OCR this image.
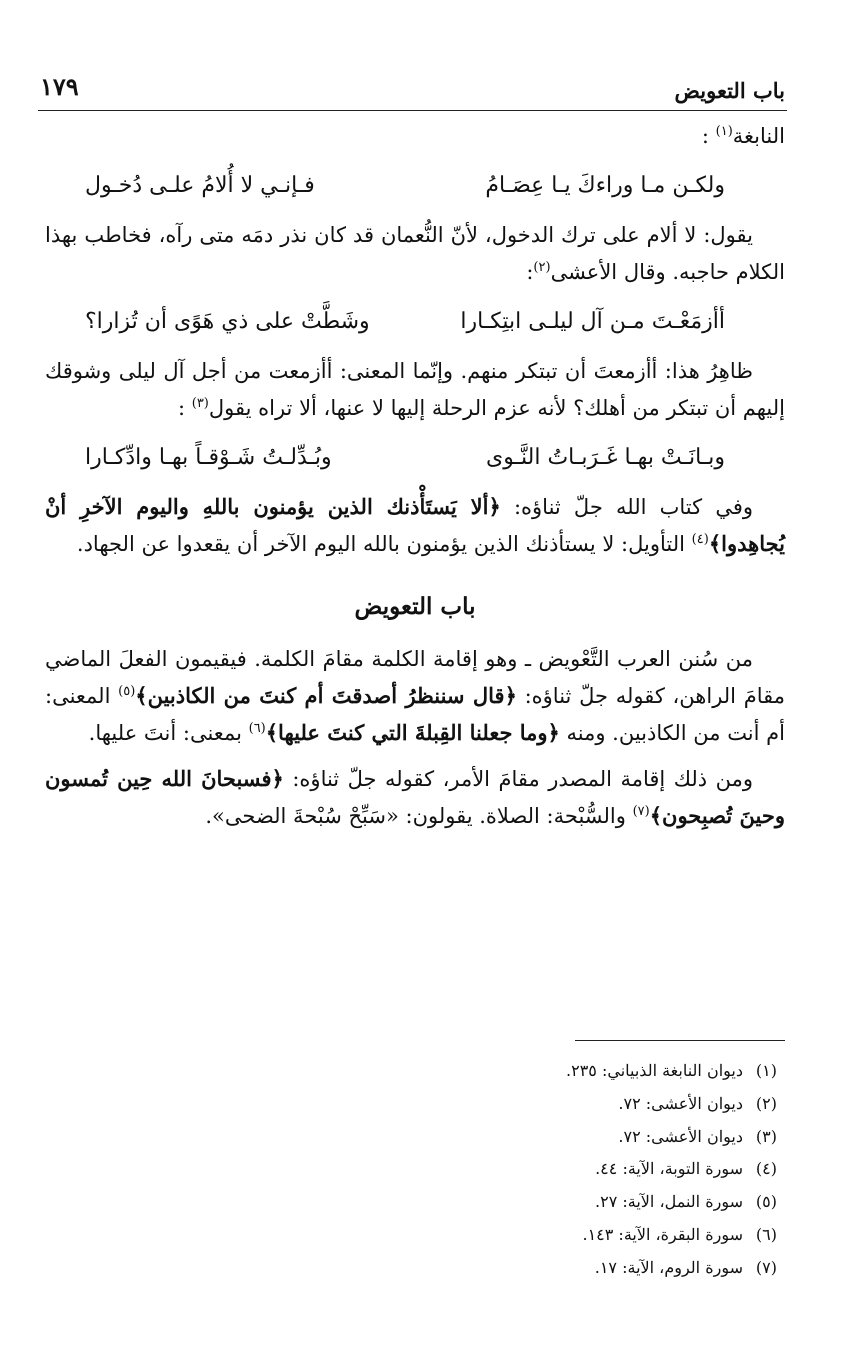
باب التعويض
١٧٩

النابغة$^{(١)}$ :

ولكـن مـا وراءكَ يـا عِصَـامُ
فـإنـي لا أُلامُ علـى دُخـول

يقول: لا ألام على ترك الدخول، لأنّ النُّعمان قد كان نذر دمَه متى رآه، فخاطب بهذا الكلام حاجبه. وقال الأعشى$^{(٢)}$:

أأزمَعْـتَ مـن آل ليلـى ابتِكـارا
وشَطَّتْ على ذي هَوًى أن تُزارا؟

ظاهِرُ هذا: أأزمعتَ أن تبتكر منهم. وإنّما المعنى: أأزمعت من أجل آل ليلى وشوقك إليهم أن تبتكر من أهلك؟ لأنه عزم الرحلة إليها لا عنها، ألا تراه يقول$^{(٣)}$ :

وبـانَـتْ بهـا غَـرَبـاتُ النَّـوى
وبُـدِّلـتُ شَـوْقـاً بهـا وادِّكـارا

وفي كتاب الله جلّ ثناؤه: ﴿ألا يَستَأْذنك الذين يؤمنون باللهِ واليوم الآخرِ أنْ يُجاهِدوا﴾$^{(٤)}$ التأويل: لا يستأذنك الذين يؤمنون بالله اليوم الآخر أن يقعدوا عن الجهاد.

باب التعويض

من سُنن العرب التَّعْويض ـ وهو إقامة الكلمة مقامَ الكلمة. فيقيمون الفعلَ الماضي مقامَ الراهن، كقوله جلّ ثناؤه: ﴿قال سننظرُ أصدقتَ أم كنتَ من الكاذبين﴾$^{(٥)}$ المعنى: أم أنت من الكاذبين. ومنه ﴿وما جعلنا القِبلةَ التي كنتَ عليها﴾$^{(٦)}$ بمعنى: أنتَ عليها.

ومن ذلك إقامة المصدر مقامَ الأمر، كقوله جلّ ثناؤه: ﴿فسبحانَ الله حِين تُمسون وحينَ تُصبِحون﴾$^{(٧)}$ والسُّبْحة: الصلاة. يقولون: «سَبِّحْ سُبْحةَ الضحى».

(١)ديوان النابغة الذبياني: ٢٣٥.
(٢)ديوان الأعشى: ٧٢.
(٣)ديوان الأعشى: ٧٢.
(٤)سورة التوبة، الآية: ٤٤.
(٥)سورة النمل، الآية: ٢٧.
(٦)سورة البقرة، الآية: ١٤٣.
(٧)سورة الروم، الآية: ١٧.
